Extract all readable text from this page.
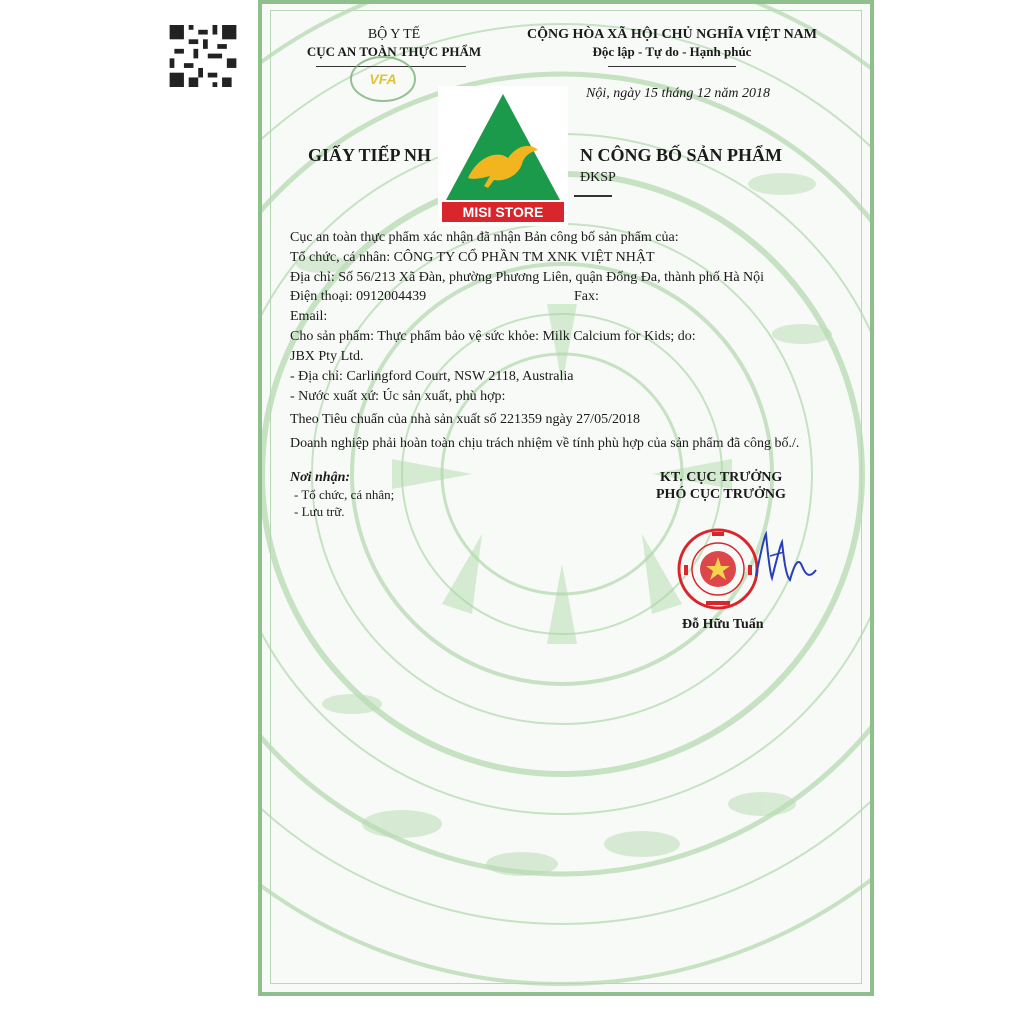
BỘ Y TẾ
CỤC AN TOÀN THỰC PHẨM
VFA
CỘNG HÒA XÃ HỘI CHỦ NGHĨA VIỆT NAM
Độc lập - Tự do - Hạnh phúc
Nội, ngày 15 tháng 12 năm 2018
GIẤY TIẾP NH	N CÔNG BỐ SẢN PHẨM
ĐKSP
Cục an toàn thực phẩm xác nhận đã nhận Bản công bố sản phẩm của:
Tổ chức, cá nhân: CÔNG TY CỔ PHẦN TM XNK VIỆT NHẬT
Địa chỉ: Số 56/213 Xã Đàn, phường Phương Liên, quận Đống Đa, thành phố Hà Nội
Điện thoại: 0912004439	Fax:
Email:
Cho sản phẩm: Thực phẩm bảo vệ sức khỏe: Milk Calcium for Kids; do:
JBX Pty Ltd.
- Địa chỉ: Carlingford Court, NSW 2118, Australia
- Nước xuất xứ: Úc sản xuất, phù hợp:
Theo Tiêu chuẩn của nhà sản xuất số 221359 ngày 27/05/2018
Doanh nghiệp phải hoàn toàn chịu trách nhiệm về tính phù hợp của sản phẩm đã công bố./.
Nơi nhận:
- Tổ chức, cá nhân;
- Lưu trữ.
KT. CỤC TRƯỞNG
PHÓ CỤC TRƯỞNG
Đỗ Hữu Tuấn
MISI STORE
